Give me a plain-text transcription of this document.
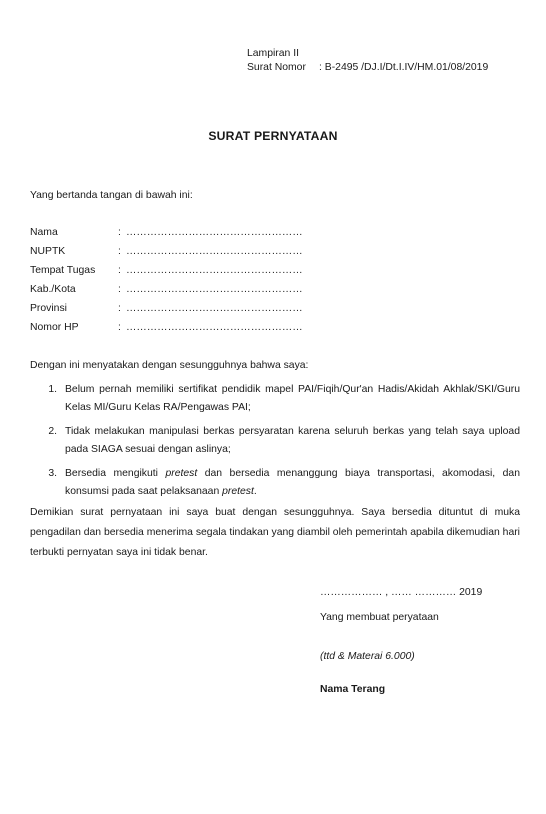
Lampiran II
Surat Nomor : B-2495 /DJ.I/Dt.I.IV/HM.01/08/2019
SURAT PERNYATAAN
Yang bertanda tangan di bawah ini:
Nama	: ……………………………………………
NUPTK	: ……………………………………………
Tempat Tugas	: ……………………………………………
Kab./Kota	: ……………………………………………
Provinsi	: ……………………………………………
Nomor HP	: ……………………………………………
Dengan ini menyatakan dengan sesungguhnya bahwa saya:
1. Belum pernah memiliki sertifikat pendidik mapel PAI/Fiqih/Qur'an Hadis/Akidah Akhlak/SKI/Guru Kelas MI/Guru Kelas RA/Pengawas PAI;
2. Tidak melakukan manipulasi berkas persyaratan karena seluruh berkas yang telah saya upload pada SIAGA sesuai dengan aslinya;
3. Bersedia mengikuti pretest dan bersedia menanggung biaya transportasi, akomodasi, dan konsumsi pada saat pelaksanaan pretest.
Demikian surat pernyataan ini saya buat dengan sesungguhnya. Saya bersedia dituntut di muka pengadilan dan bersedia menerima segala tindakan yang diambil oleh pemerintah apabila dikemudian hari terbukti pernyatan saya ini tidak benar.
……………… , …… ………… 2019
Yang membuat peryataan
(ttd & Materai 6.000)
Nama Terang
